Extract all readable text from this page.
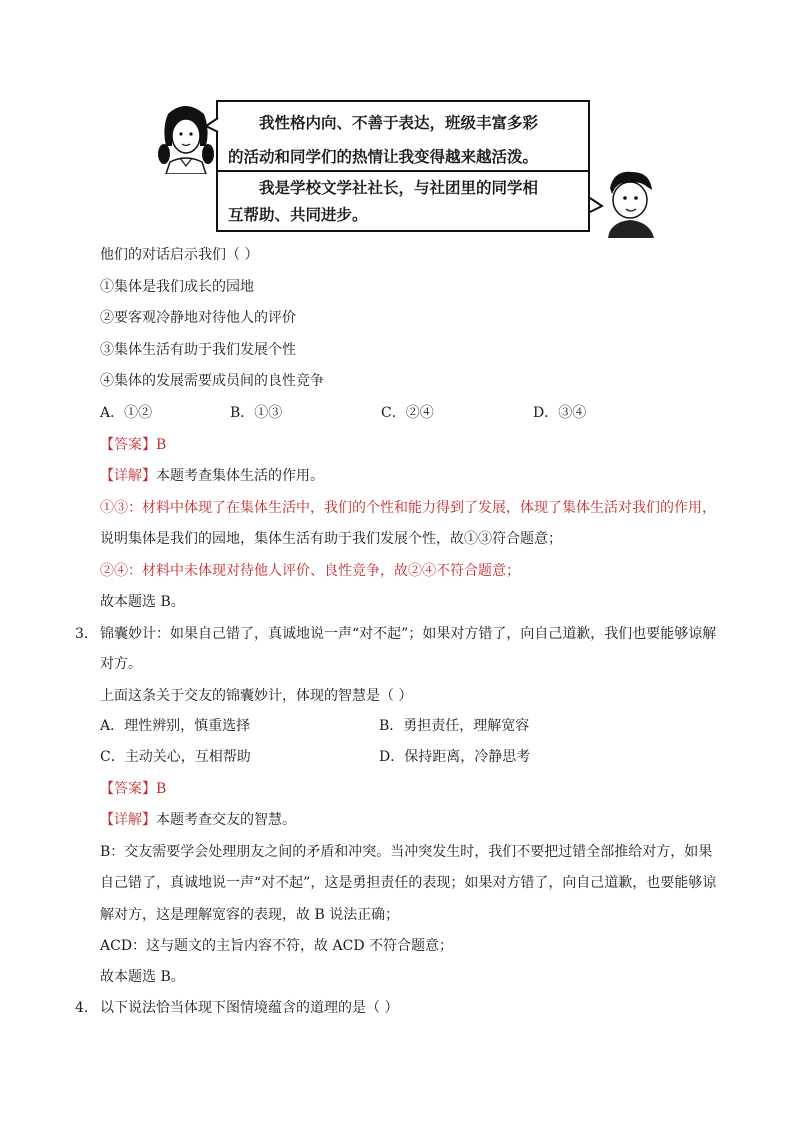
我性格内向、不善于表达，班级丰富多彩
的活动和同学们的热情让我变得越来越活泼。
我是学校文学社社长，与社团里的同学相
互帮助、共同进步。
他们的对话启示我们（ ）
①集体是我们成长的园地
②要客观冷静地对待他人的评价
③集体生活有助于我们发展个性
④集体的发展需要成员间的良性竞争
A．①②	B．①③	C．②④	D．③④
【答案】B
【详解】本题考查集体生活的作用。
①③：材料中体现了在集体生活中，我们的个性和能力得到了发展，体现了集体生活对我们的作用，
说明集体是我们的园地，集体生活有助于我们发展个性，故①③符合题意；
②④：材料中未体现对待他人评价、良性竞争，故②④不符合题意；
故本题选 B。
3． 锦囊妙计：如果自己错了，真诚地说一声“对不起”；如果对方错了，向自己道歉，我们也要能够谅解
对方。
上面这条关于交友的锦囊妙计，体现的智慧是（ ）
A．理性辨别，慎重选择	B．勇担责任，理解宽容
C．主动关心，互相帮助	D．保持距离，冷静思考
【答案】B
【详解】本题考查交友的智慧。
B：交友需要学会处理朋友之间的矛盾和冲突。当冲突发生时，我们不要把过错全部推给对方，如果
自己错了，真诚地说一声“对不起”，这是勇担责任的表现；如果对方错了，向自己道歉，也要能够谅
解对方，这是理解宽容的表现，故 B 说法正确；
ACD：这与题文的主旨内容不符，故 ACD 不符合题意；
故本题选 B。
4． 以下说法恰当体现下图情境蕴含的道理的是（ ）
